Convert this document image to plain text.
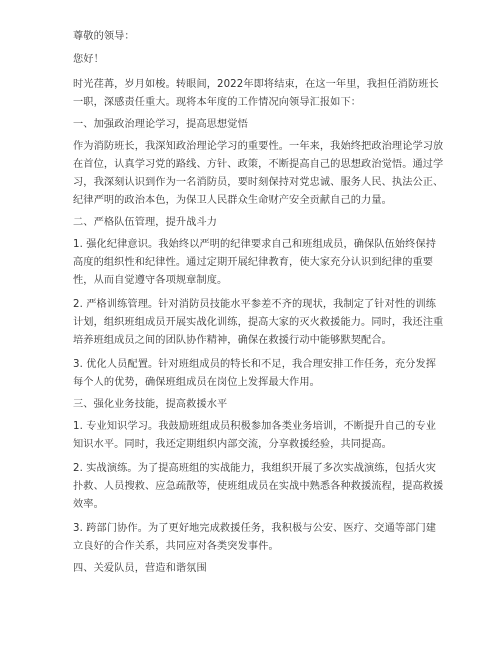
尊敬的领导：

您好！

时光荏苒，岁月如梭。转眼间，2022年即将结束，在这一年里，我担任消防班长一职，深感责任重大。现将本年度的工作情况向领导汇报如下：

一、加强政治理论学习，提高思想觉悟

作为消防班长，我深知政治理论学习的重要性。一年来，我始终把政治理论学习放在首位，认真学习党的路线、方针、政策，不断提高自己的思想政治觉悟。通过学习，我深刻认识到作为一名消防员，要时刻保持对党忠诚、服务人民、执法公正、纪律严明的政治本色，为保卫人民群众生命财产安全贡献自己的力量。

二、严格队伍管理，提升战斗力

1. 强化纪律意识。我始终以严明的纪律要求自己和班组成员，确保队伍始终保持高度的组织性和纪律性。通过定期开展纪律教育，使大家充分认识到纪律的重要性，从而自觉遵守各项规章制度。

2. 严格训练管理。针对消防员技能水平参差不齐的现状，我制定了针对性的训练计划，组织班组成员开展实战化训练，提高大家的灭火救援能力。同时，我还注重培养班组成员之间的团队协作精神，确保在救援行动中能够默契配合。

3. 优化人员配置。针对班组成员的特长和不足，我合理安排工作任务，充分发挥每个人的优势，确保班组成员在岗位上发挥最大作用。

三、强化业务技能，提高救援水平

1. 专业知识学习。我鼓励班组成员积极参加各类业务培训，不断提升自己的专业知识水平。同时，我还定期组织内部交流，分享救援经验，共同提高。

2. 实战演练。为了提高班组的实战能力，我组织开展了多次实战演练，包括火灾扑救、人员搜救、应急疏散等，使班组成员在实战中熟悉各种救援流程，提高救援效率。

3. 跨部门协作。为了更好地完成救援任务，我积极与公安、医疗、交通等部门建立良好的合作关系，共同应对各类突发事件。

四、关爱队员，营造和谐氛围
